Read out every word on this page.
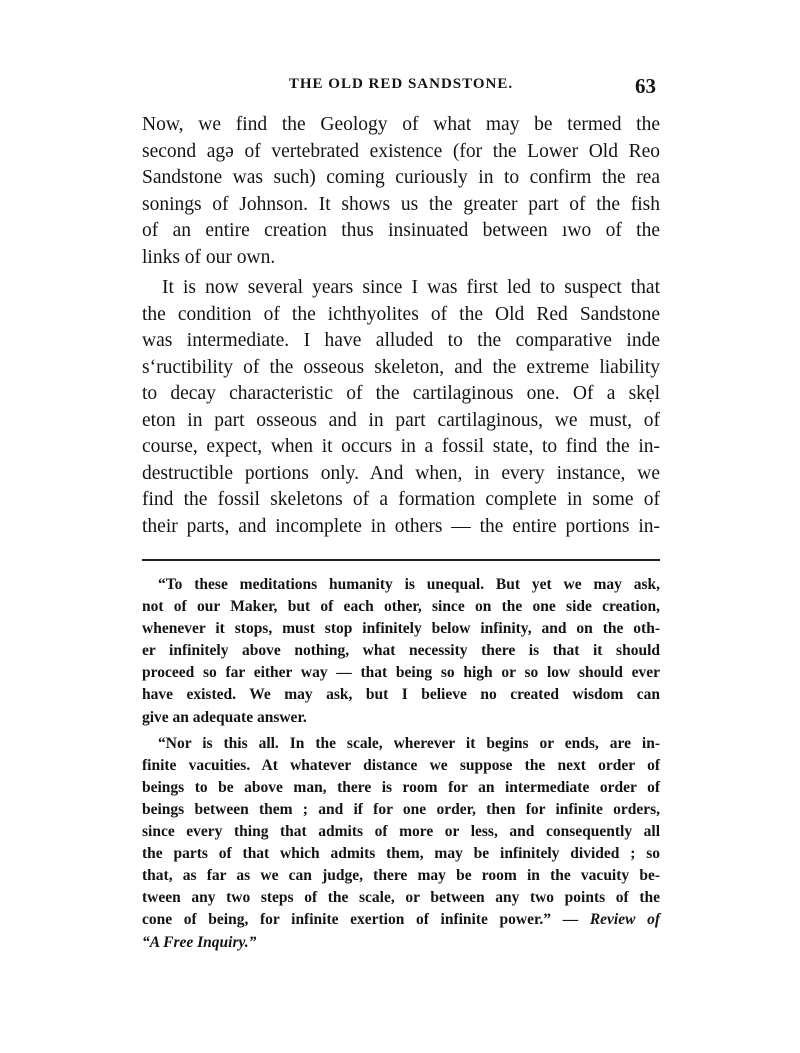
THE OLD RED SANDSTONE.	63
Now, we find the Geology of what may be termed the
second agə of vertebrated existence (for the Lower Old Reo
Sandstone was such) coming curiously in to confirm the rea
sonings of Johnson. It shows us the greater part of the fish
of an entire creation thus insinuated between ıwo of the
links of our own.
It is now several years since I was first led to suspect that
the condition of the ichthyolites of the Old Red Sandstone
was intermediate. I have alluded to the comparative inde
s‘ructibility of the osseous skeleton, and the extreme liability
to decay characteristic of the cartilaginous one. Of a skẹl
eton in part osseous and in part cartilaginous, we must, of
course, expect, when it occurs in a fossil state, to find the in-
destructible portions only. And when, in every instance, we
find the fossil skeletons of a formation complete in some of
their parts, and incomplete in others — the entire portions in-
“To these meditations humanity is unequal. But yet we may ask,
not of our Maker, but of each other, since on the one side creation,
whenever it stops, must stop infinitely below infinity, and on the oth-
er infinitely above nothing, what necessity there is that it should
proceed so far either way — that being so high or so low should ever
have existed. We may ask, but I believe no created wisdom can
give an adequate answer.
“Nor is this all. In the scale, wherever it begins or ends, are in-
finite vacuities. At whatever distance we suppose the next order of
beings to be above man, there is room for an intermediate order of
beings between them ; and if for one order, then for infinite orders,
since every thing that admits of more or less, and consequently all
the parts of that which admits them, may be infinitely divided ; so
that, as far as we can judge, there may be room in the vacuity be-
tween any two steps of the scale, or between any two points of the
cone of being, for infinite exertion of infinite power.” — Review of
“A Free Inquiry.”
